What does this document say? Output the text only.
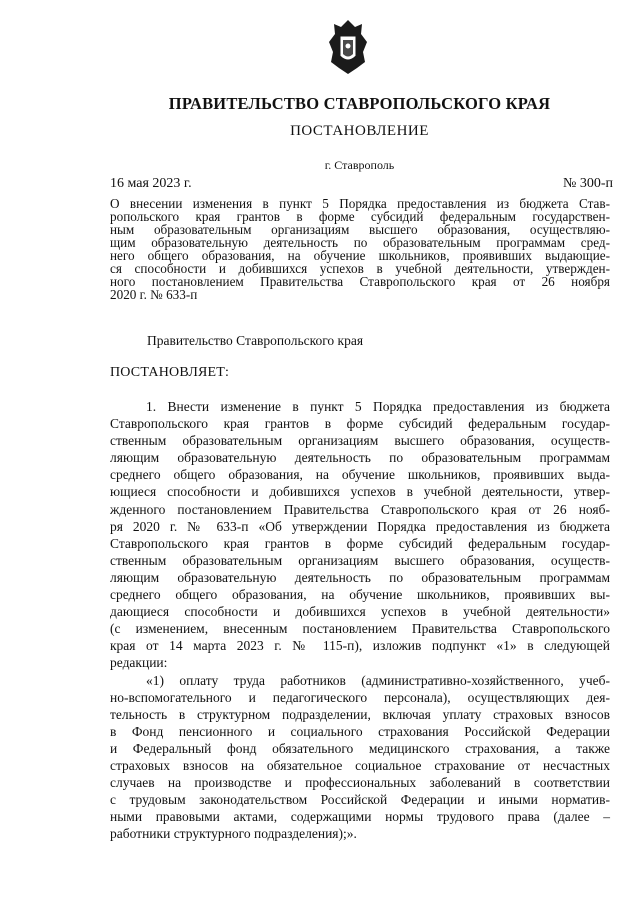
ПРАВИТЕЛЬСТВО СТАВРОПОЛЬСКОГО КРАЯ
ПОСТАНОВЛЕНИЕ
г. Ставрополь
16 мая 2023 г.	№ 300-п
О внесении изменения в пункт 5 Порядка предоставления из бюджета Став-
ропольского края грантов в форме субсидий федеральным государствен-
ным образовательным организациям высшего образования, осуществляю-
щим образовательную деятельность по образовательным программам сред-
него общего образования, на обучение школьников, проявивших выдающие-
ся способности и добившихся успехов в учебной деятельности, утвержден-
ного постановлением Правительства Ставропольского края от 26 ноября
2020 г. № 633-п
Правительство Ставропольского края
ПОСТАНОВЛЯЕТ:
1. Внести изменение в пункт 5 Порядка предоставления из бюджета
Ставропольского края грантов в форме субсидий федеральным государ-
ственным образовательным организациям высшего образования, осуществ-
ляющим образовательную деятельность по образовательным программам
среднего общего образования, на обучение школьников, проявивших выда-
ющиеся способности и добившихся успехов в учебной деятельности, утвер-
жденного постановлением Правительства Ставропольского края от 26 нояб-
ря 2020 г. № 633-п «Об утверждении Порядка предоставления из бюджета
Ставропольского края грантов в форме субсидий федеральным государ-
ственным образовательным организациям высшего образования, осуществ-
ляющим образовательную деятельность по образовательным программам
среднего общего образования, на обучение школьников, проявивших вы-
дающиеся способности и добившихся успехов в учебной деятельности»
(с изменением, внесенным постановлением Правительства Ставропольского
края от 14 марта 2023 г. № 115-п), изложив подпункт «1» в следующей
редакции:
«1) оплату труда работников (административно-хозяйственного, учеб-
но-вспомогательного и педагогического персонала), осуществляющих дея-
тельность в структурном подразделении, включая уплату страховых взносов
в Фонд пенсионного и социального страхования Российской Федерации
и Федеральный фонд обязательного медицинского страхования, а также
страховых взносов на обязательное социальное страхование от несчастных
случаев на производстве и профессиональных заболеваний в соответствии
с трудовым законодательством Российской Федерации и иными норматив-
ными правовыми актами, содержащими нормы трудового права (далее –
работники структурного подразделения);».
